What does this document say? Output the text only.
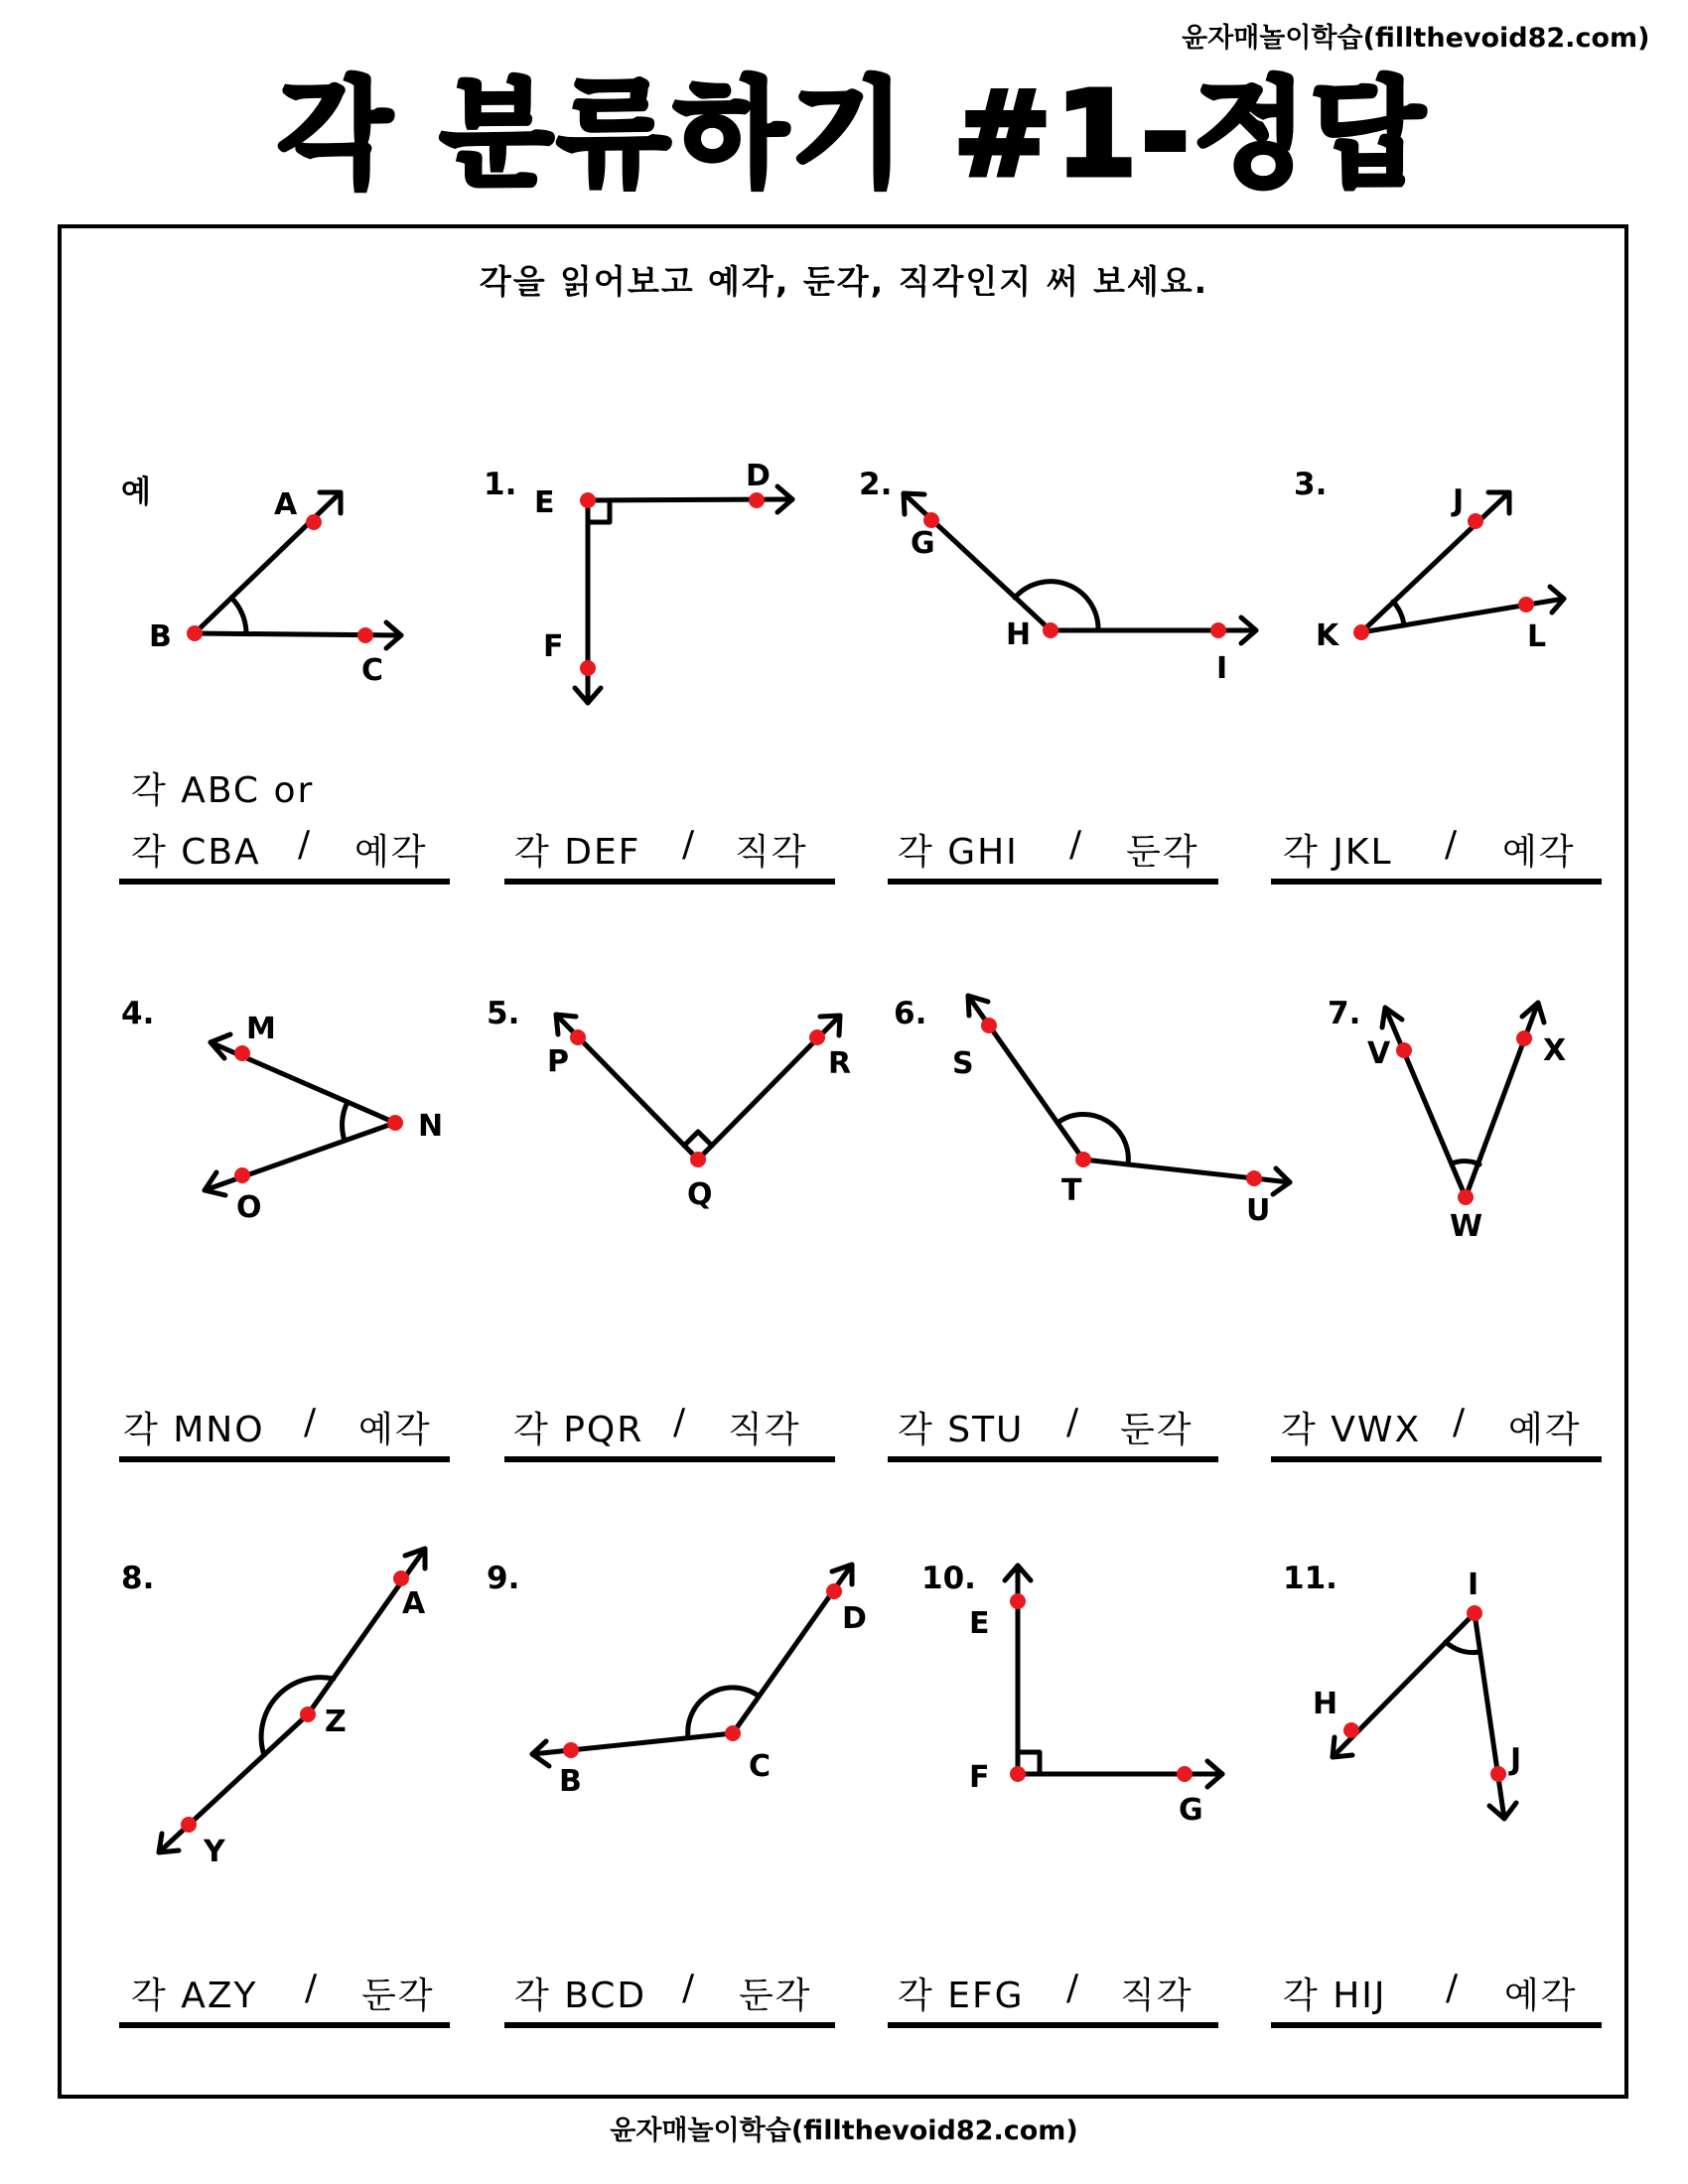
윤자매놀이학습(fillthevoid82.com)
각 분류하기 #1-정답
각을 읽어보고 예각, 둔각, 직각인지 써 보세요.
예	1.	2.	3.
4.	5.	6.	7.
8.	9.	10.	11.
A
B
C
D
E
F
G
H
I
J
K	L
M
N
O
P
Q
R	S
T
U
V
W
X
A
Z
Y
B	C
D	E
F
G
H
I
J
각 ABC or
각 CBA / 예각 각 DEF / 직각	각 GHI / 둔각 각 JKL / 예각
각 MNO / 예각 각 PQR / 직각	각 STU / 둔각 각 VWX / 예각
각 AZY / 둔각 각 BCD / 둔각 각 EFG / 직각	각 HIJ / 예각
윤자매놀이학습(fillthevoid82.com)
